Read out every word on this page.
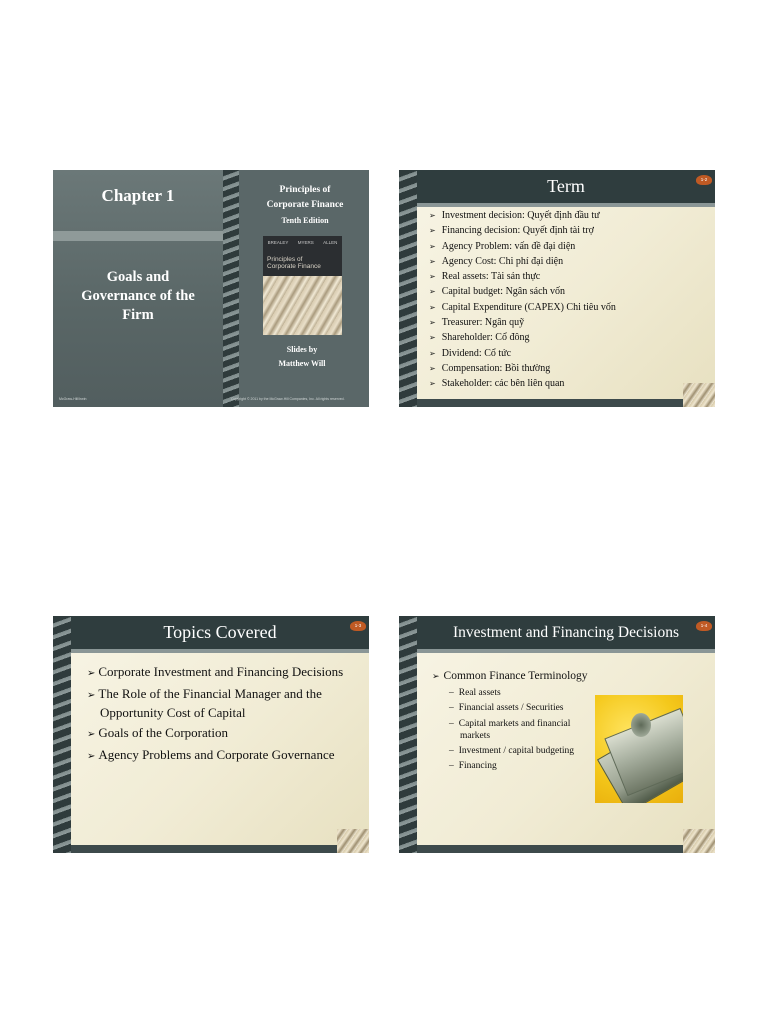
Chapter 1
Goals and
Governance of the
Firm
Principles of
Corporate Finance
Tenth Edition
BREALEY MYERS ALLEN
Principles of
Corporate Finance
Slides by
Matthew Will
McGraw-Hill/Irwin	Copyright © 2011 by the McGraw-Hill Companies, Inc. All rights reserved.
Term	1-2
➢ Investment decision: Quyết định đầu tư
➢ Financing decision: Quyết định tài trợ
➢ Agency Problem: vấn đề đại diện
➢ Agency Cost: Chi phí đại diện
➢ Real assets: Tài sản thực
➢ Capital budget: Ngân sách vốn
➢ Capital Expenditure (CAPEX) Chi tiêu vốn
➢ Treasurer: Ngân quỹ
➢ Shareholder: Cổ đông
➢ Dividend: Cổ tức
➢ Compensation: Bồi thường
➢ Stakeholder: các bên liên quan
Topics Covered	1-3
➢ Corporate Investment and Financing Decisions
➢ The Role of the Financial Manager and the Opportunity Cost of Capital
➢ Goals of the Corporation
➢ Agency Problems and Corporate Governance
Investment and Financing Decisions	1-4
➢ Common Finance Terminology
– Real assets
– Financial assets / Securities
– Capital markets and financial markets
– Investment / capital budgeting
– Financing
